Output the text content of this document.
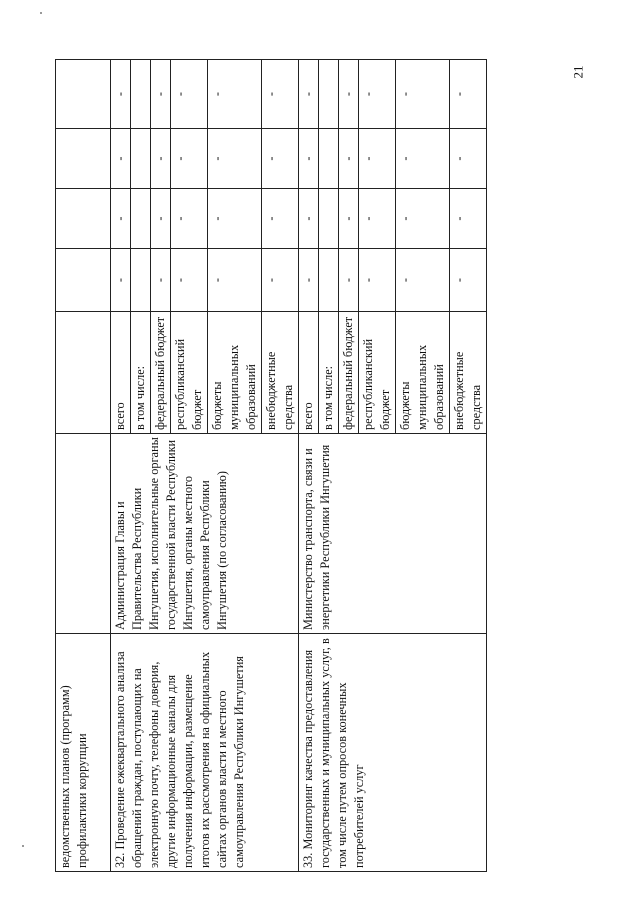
21
ведомственных планов (программ) профилактики коррупции						
32. Проведение ежеквартального анализа обращений граждан, поступающих на электронную почту, телефоны доверия, другие информационные каналы для получения информации, размещение итогов их рассмотрения на официальных сайтах органов власти и местного самоуправления Республики Ингушетия	Администрация Главы и Правительства Республики Ингушетия, исполнительные органы государственной власти Республики Ингушетия, органы местного самоуправления Республики Ингушетия (по согласованию)	всего	-	-	-	-
		в том числе:				
		федеральный бюджет	-	-	-	-
		республиканский бюджет	-	-	-	-
		бюджеты муниципальных образований	-	-	-	-
		внебюджетные средства	-	-	-	-
33. Мониторинг качества предоставления государственных и муниципальных услуг, в том числе путем опросов конечных потребителей услуг	Министерство транспорта, связи и энергетики Республики Ингушетия	всего	-	-	-	-
		в том числе:				
		федеральный бюджет	-	-	-	-
		республиканский бюджет	-	-	-	-
		бюджеты муниципальных образований	-	-	-	-
		внебюджетные средства	-	-	-	-
